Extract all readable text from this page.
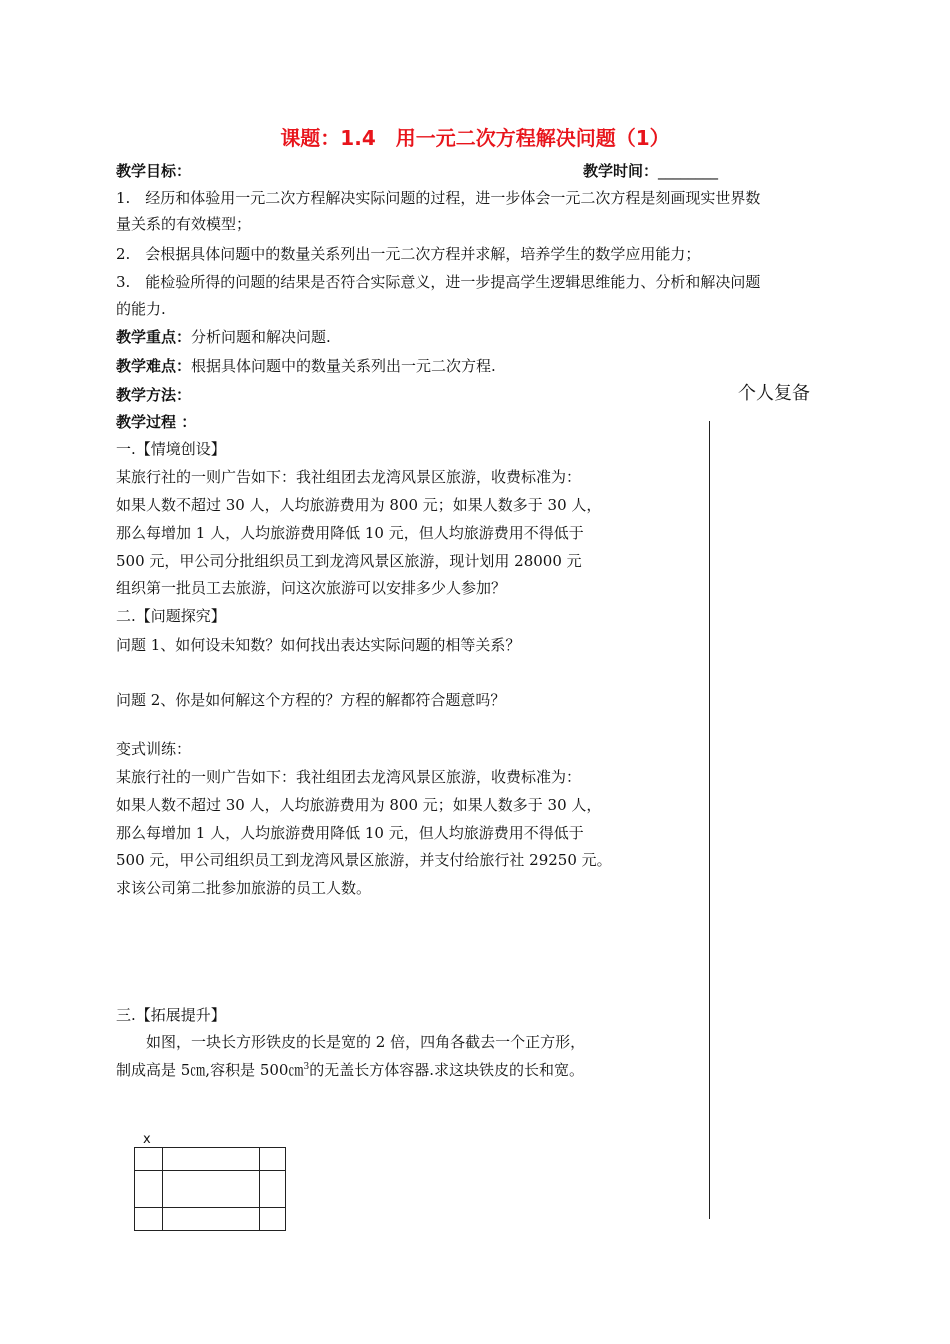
课题：1.4　用一元二次方程解决问题（1）
教学目标：	教学时间：________
1.　经历和体验用一元二次方程解决实际问题的过程，进一步体会一元二次方程是刻画现实世界数
量关系的有效模型；
2.　会根据具体问题中的数量关系列出一元二次方程并求解，培养学生的数学应用能力；
3.　能检验所得的问题的结果是否符合实际意义，进一步提高学生逻辑思维能力、分析和解决问题
的能力.
教学重点：分析问题和解决问题.
教学难点：根据具体问题中的数量关系列出一元二次方程.
教学方法：	个人复备
教学过程 ：
一.【情境创设】
某旅行社的一则广告如下：我社组团去龙湾风景区旅游，收费标准为：
如果人数不超过 30 人，人均旅游费用为 800 元；如果人数多于 30 人，
那么每增加 1 人，人均旅游费用降低 10 元，但人均旅游费用不得低于
500 元，甲公司分批组织员工到龙湾风景区旅游，现计划用 28000 元
组织第一批员工去旅游，问这次旅游可以安排多少人参加？
二.【问题探究】
问题 1、如何设未知数？如何找出表达实际问题的相等关系？
问题 2、你是如何解这个方程的？方程的解都符合题意吗？
变式训练：
某旅行社的一则广告如下：我社组团去龙湾风景区旅游，收费标准为：
如果人数不超过 30 人，人均旅游费用为 800 元；如果人数多于 30 人，
那么每增加 1 人，人均旅游费用降低 10 元，但人均旅游费用不得低于
500 元，甲公司组织员工到龙湾风景区旅游，并支付给旅行社 29250 元。
求该公司第二批参加旅游的员工人数。
三.【拓展提升】
如图，一块长方形铁皮的长是宽的 2 倍，四角各截去一个正方形，
制成高是 5㎝,容积是 500㎝$^3$的无盖长方体容器.求这块铁皮的长和宽。
x
